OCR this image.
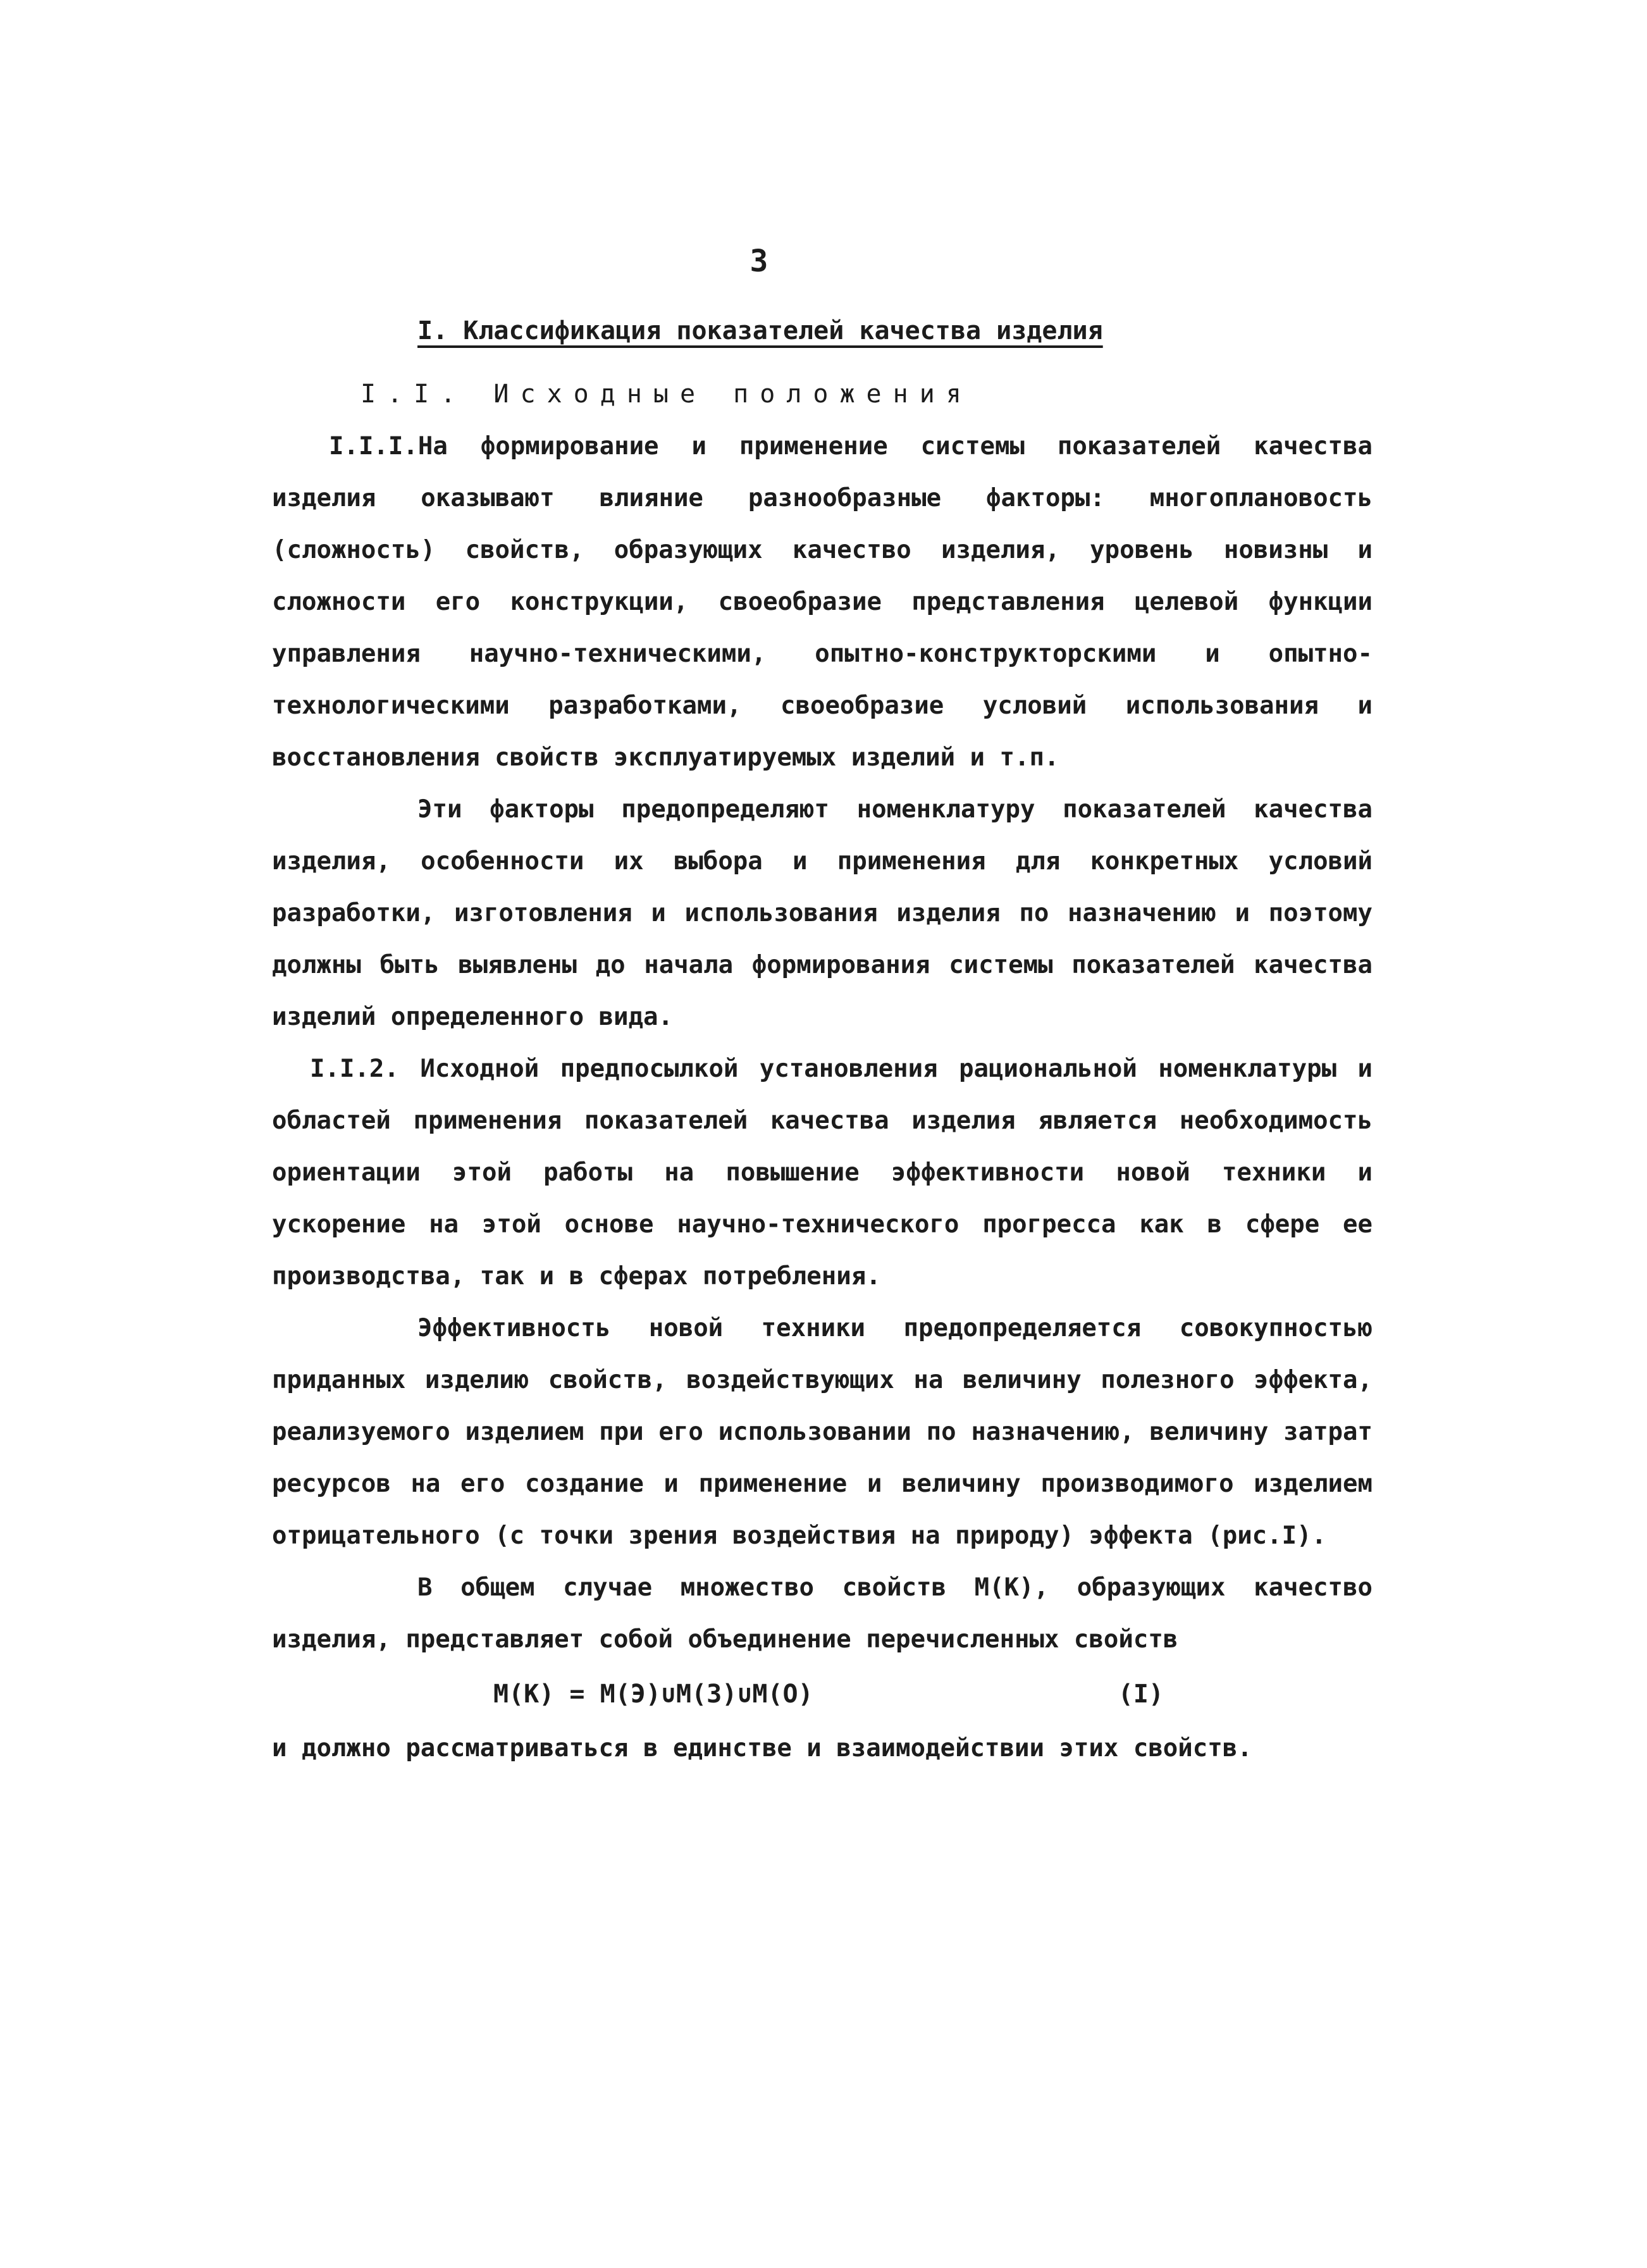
3
I. Классификация показателей качества изделия
I.I. Исходные положения

I.I.I.На формирование и применение системы показателей качества изделия оказывают влияние разнообразные факторы: многоплановость (сложность) свойств, образующих качество изделия, уровень новизны и сложности его конструкции, своеобразие представления целевой функции управления научно-техническими, опытно-конструкторскими и опытно-технологическими разработками, своеобразие условий использования и восстановления свойств эксплуатируемых изделий и т.п.

Эти факторы предопределяют номенклатуру показателей качества изделия, особенности их выбора и применения для конкретных условий разработки, изготовления и использования изделия по назначению и поэтому должны быть выявлены до начала формирования системы показателей качества изделий определенного вида.

I.I.2. Исходной предпосылкой установления рациональной номенклатуры и областей применения показателей качества изделия является необходимость ориентации этой работы на повышение эффективности новой техники и ускорение на этой основе научно-технического прогресса как в сфере ее производства, так и в сферах потребления.

Эффективность новой техники предопределяется совокупностью приданных изделию свойств, воздействующих на величину полезного эффекта, реализуемого изделием при его использовании по назначению, величину затрат ресурсов на его создание и применение и величину производимого изделием отрицательного (с точки зрения воздействия на природу) эффекта (рис.I).

В общем случае множество свойств М(К), образующих качество изделия, представляет собой объединение перечисленных свойств

М(К) = М(Э)∪М(З)∪М(О)	(I)

и должно рассматриваться в единстве и взаимодействии этих свойств.
